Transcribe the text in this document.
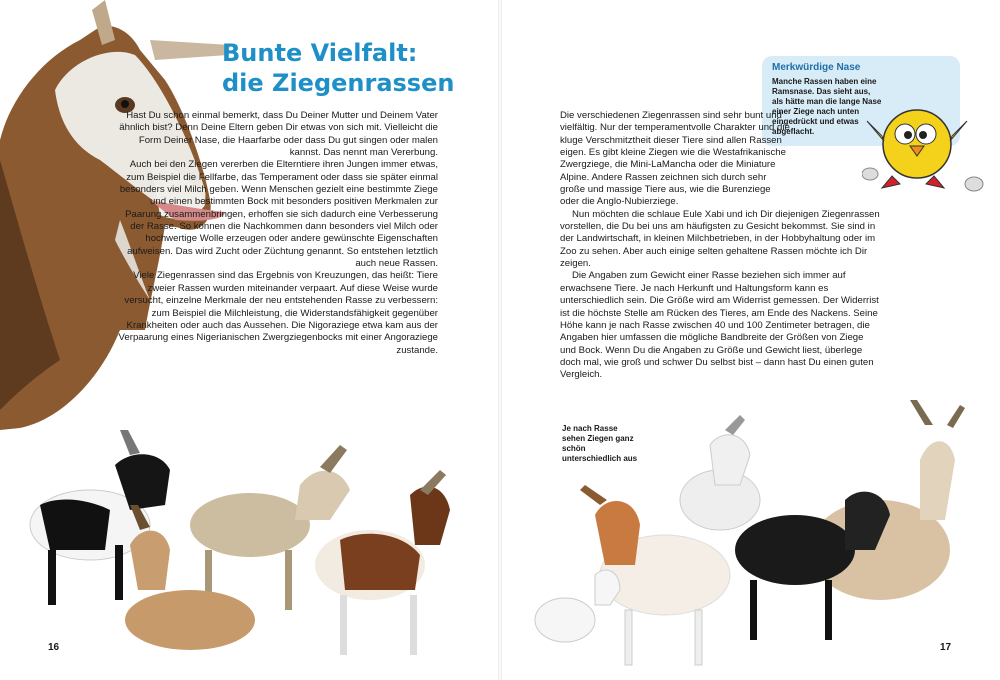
Bunte Vielfalt:
die Ziegenrassen

Hast Du schon einmal bemerkt, dass Du Deiner Mutter und Deinem Vater ähnlich bist? Denn Deine Eltern geben Dir etwas von sich mit. Vielleicht die Form Deiner Nase, die Haarfarbe oder dass Du gut singen oder malen kannst. Das nennt man Vererbung.

Auch bei den Ziegen vererben die Elterntiere ihren Jungen immer etwas, zum Beispiel die Fellfarbe, das Temperament oder dass sie später einmal besonders viel Milch geben. Wenn Menschen gezielt eine bestimmte Ziege und einen bestimmten Bock mit besonders positiven Merkmalen zur Paarung zusammenbringen, erhoffen sie sich dadurch eine Verbesserung der Rasse. So können die Nachkommen dann besonders viel Milch oder hochwertige Wolle erzeugen oder andere gewünschte Eigenschaften aufweisen. Das wird Zucht oder Züchtung genannt. So entstehen letztlich auch neue Rassen.

Viele Ziegenrassen sind das Ergebnis von Kreuzungen, das heißt: Tiere zweier Rassen wurden miteinander verpaart. Auf diese Weise wurde versucht, einzelne Merkmale der neu entstehenden Rasse zu verbessern: zum Beispiel die Milchleistung, die Widerstandsfähigkeit gegenüber Krankheiten oder auch das Aussehen. Die Nigoraziege etwa kam aus der Verpaarung eines Nigerianischen Zwergziegenbocks mit einer Angoraziege zustande.

16
Merkwürdige Nase

Manche Rassen haben eine Ramsnase. Das sieht aus, als hätte man die lange Nase einer Ziege nach unten eingedrückt und etwas abgeflacht.

Die verschiedenen Ziegenrassen sind sehr bunt und vielfältig. Nur der temperamentvolle Charakter und die kluge Verschmitztheit dieser Tiere sind allen Rassen eigen. Es gibt kleine Ziegen wie die Westafrikanische Zwergziege, die Mini-LaMancha oder die Miniature Alpine. Andere Rassen zeichnen sich durch sehr große und massige Tiere aus, wie die Burenziege oder die Anglo-Nubierziege.

Nun möchten die schlaue Eule Xabi und ich Dir diejenigen Ziegenrassen vorstellen, die Du bei uns am häufigsten zu Gesicht bekommst. Sie sind in der Landwirtschaft, in kleinen Milchbetrieben, in der Hobbyhaltung oder im Zoo zu sehen. Aber auch einige selten gehaltene Rassen möchte ich Dir zeigen.

Die Angaben zum Gewicht einer Rasse beziehen sich immer auf erwachsene Tiere. Je nach Herkunft und Haltungsform kann es unterschiedlich sein. Die Größe wird am Widerrist gemessen. Der Widerrist ist die höchste Stelle am Rücken des Tieres, am Ende des Nackens. Seine Höhe kann je nach Rasse zwischen 40 und 100 Zentimeter betragen, die Angaben hier umfassen die mögliche Bandbreite der Größen von Ziege und Bock. Wenn Du die Angaben zu Größe und Gewicht liest, überlege doch mal, wie groß und schwer Du selbst bist – dann hast Du einen guten Vergleich.

Je nach Rasse sehen Ziegen ganz schön unterschiedlich aus

17
